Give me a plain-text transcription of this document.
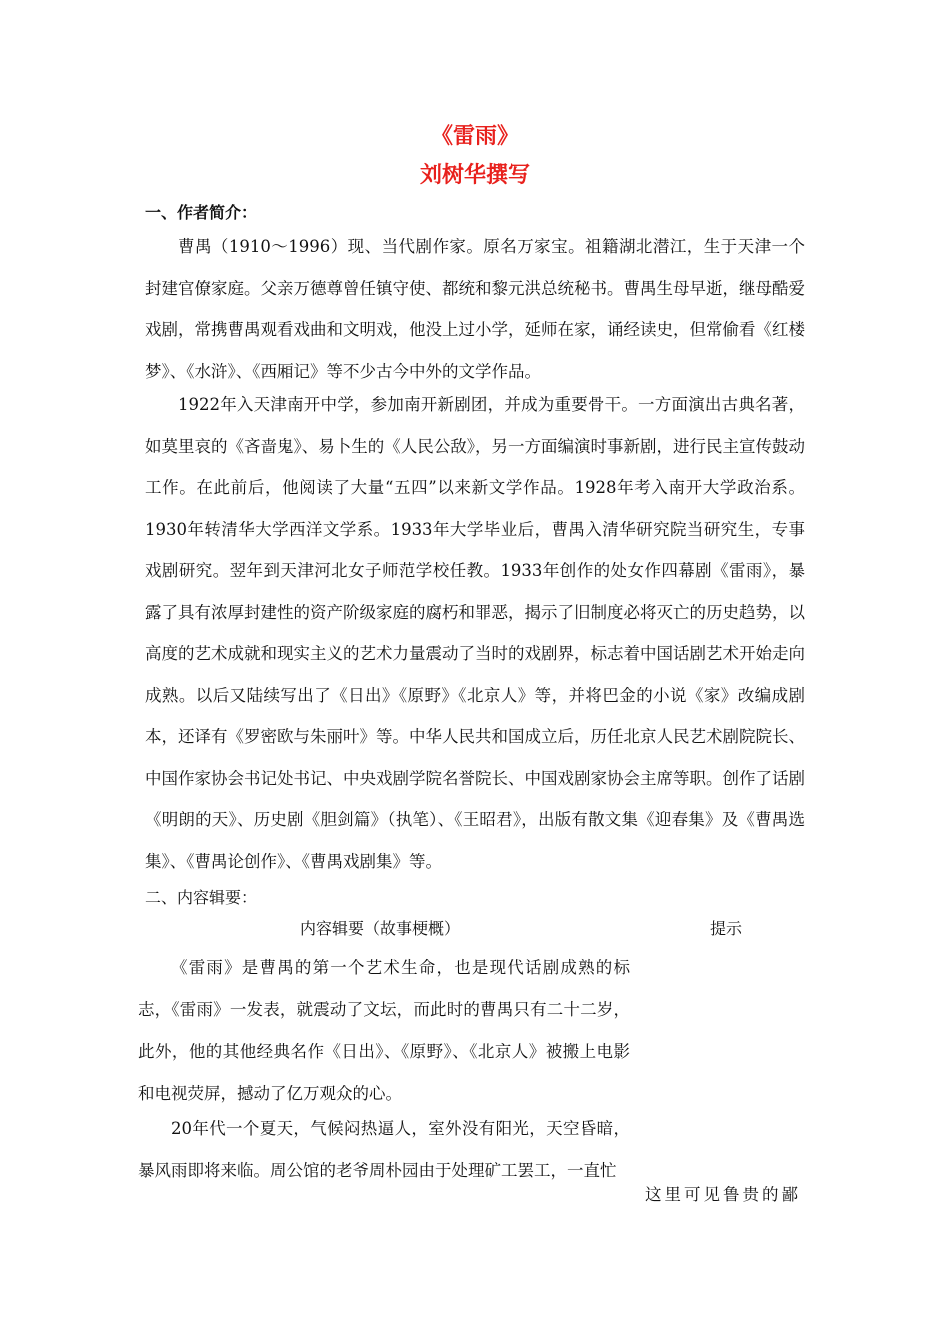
《雷雨》
刘树华撰写
一、作者简介：

曹禺（1910～1996）现、当代剧作家。原名万家宝。祖籍湖北潜江，生于天津一个封建官僚家庭。父亲万德尊曾任镇守使、都统和黎元洪总统秘书。曹禺生母早逝，继母酷爱戏剧，常携曹禺观看戏曲和文明戏，他没上过小学，延师在家，诵经读史，但常偷看《红楼梦》、《水浒》、《西厢记》等不少古今中外的文学作品。

1922年入天津南开中学，参加南开新剧团，并成为重要骨干。一方面演出古典名著，如莫里哀的《吝啬鬼》、易卜生的《人民公敌》，另一方面编演时事新剧，进行民主宣传鼓动工作。在此前后，他阅读了大量“五四”以来新文学作品。1928年考入南开大学政治系。1930年转清华大学西洋文学系。1933年大学毕业后，曹禺入清华研究院当研究生，专事戏剧研究。翌年到天津河北女子师范学校任教。1933年创作的处女作四幕剧《雷雨》，暴露了具有浓厚封建性的资产阶级家庭的腐朽和罪恶，揭示了旧制度必将灭亡的历史趋势，以高度的艺术成就和现实主义的艺术力量震动了当时的戏剧界，标志着中国话剧艺术开始走向成熟。以后又陆续写出了《日出》《原野》《北京人》等，并将巴金的小说《家》改编成剧本，还译有《罗密欧与朱丽叶》等。中华人民共和国成立后，历任北京人民艺术剧院院长、中国作家协会书记处书记、中央戏剧学院名誉院长、中国戏剧家协会主席等职。创作了话剧《明朗的天》、历史剧《胆剑篇》（执笔）、《王昭君》，出版有散文集《迎春集》及《曹禺选集》、《曹禺论创作》、《曹禺戏剧集》等。

二、内容辑要：
内容辑要（故事梗概）	提示

《雷雨》是曹禺的第一个艺术生命，也是现代话剧成熟的标志，《雷雨》一发表，就震动了文坛，而此时的曹禺只有二十二岁，此外，他的其他经典名作《日出》、《原野》、《北京人》被搬上电影和电视荧屏，撼动了亿万观众的心。

20年代一个夏天，气候闷热逼人，室外没有阳光，天空昏暗，暴风雨即将来临。周公馆的老爷周朴园由于处理矿工罢工，一直忙

这里可见鲁贵的鄙
